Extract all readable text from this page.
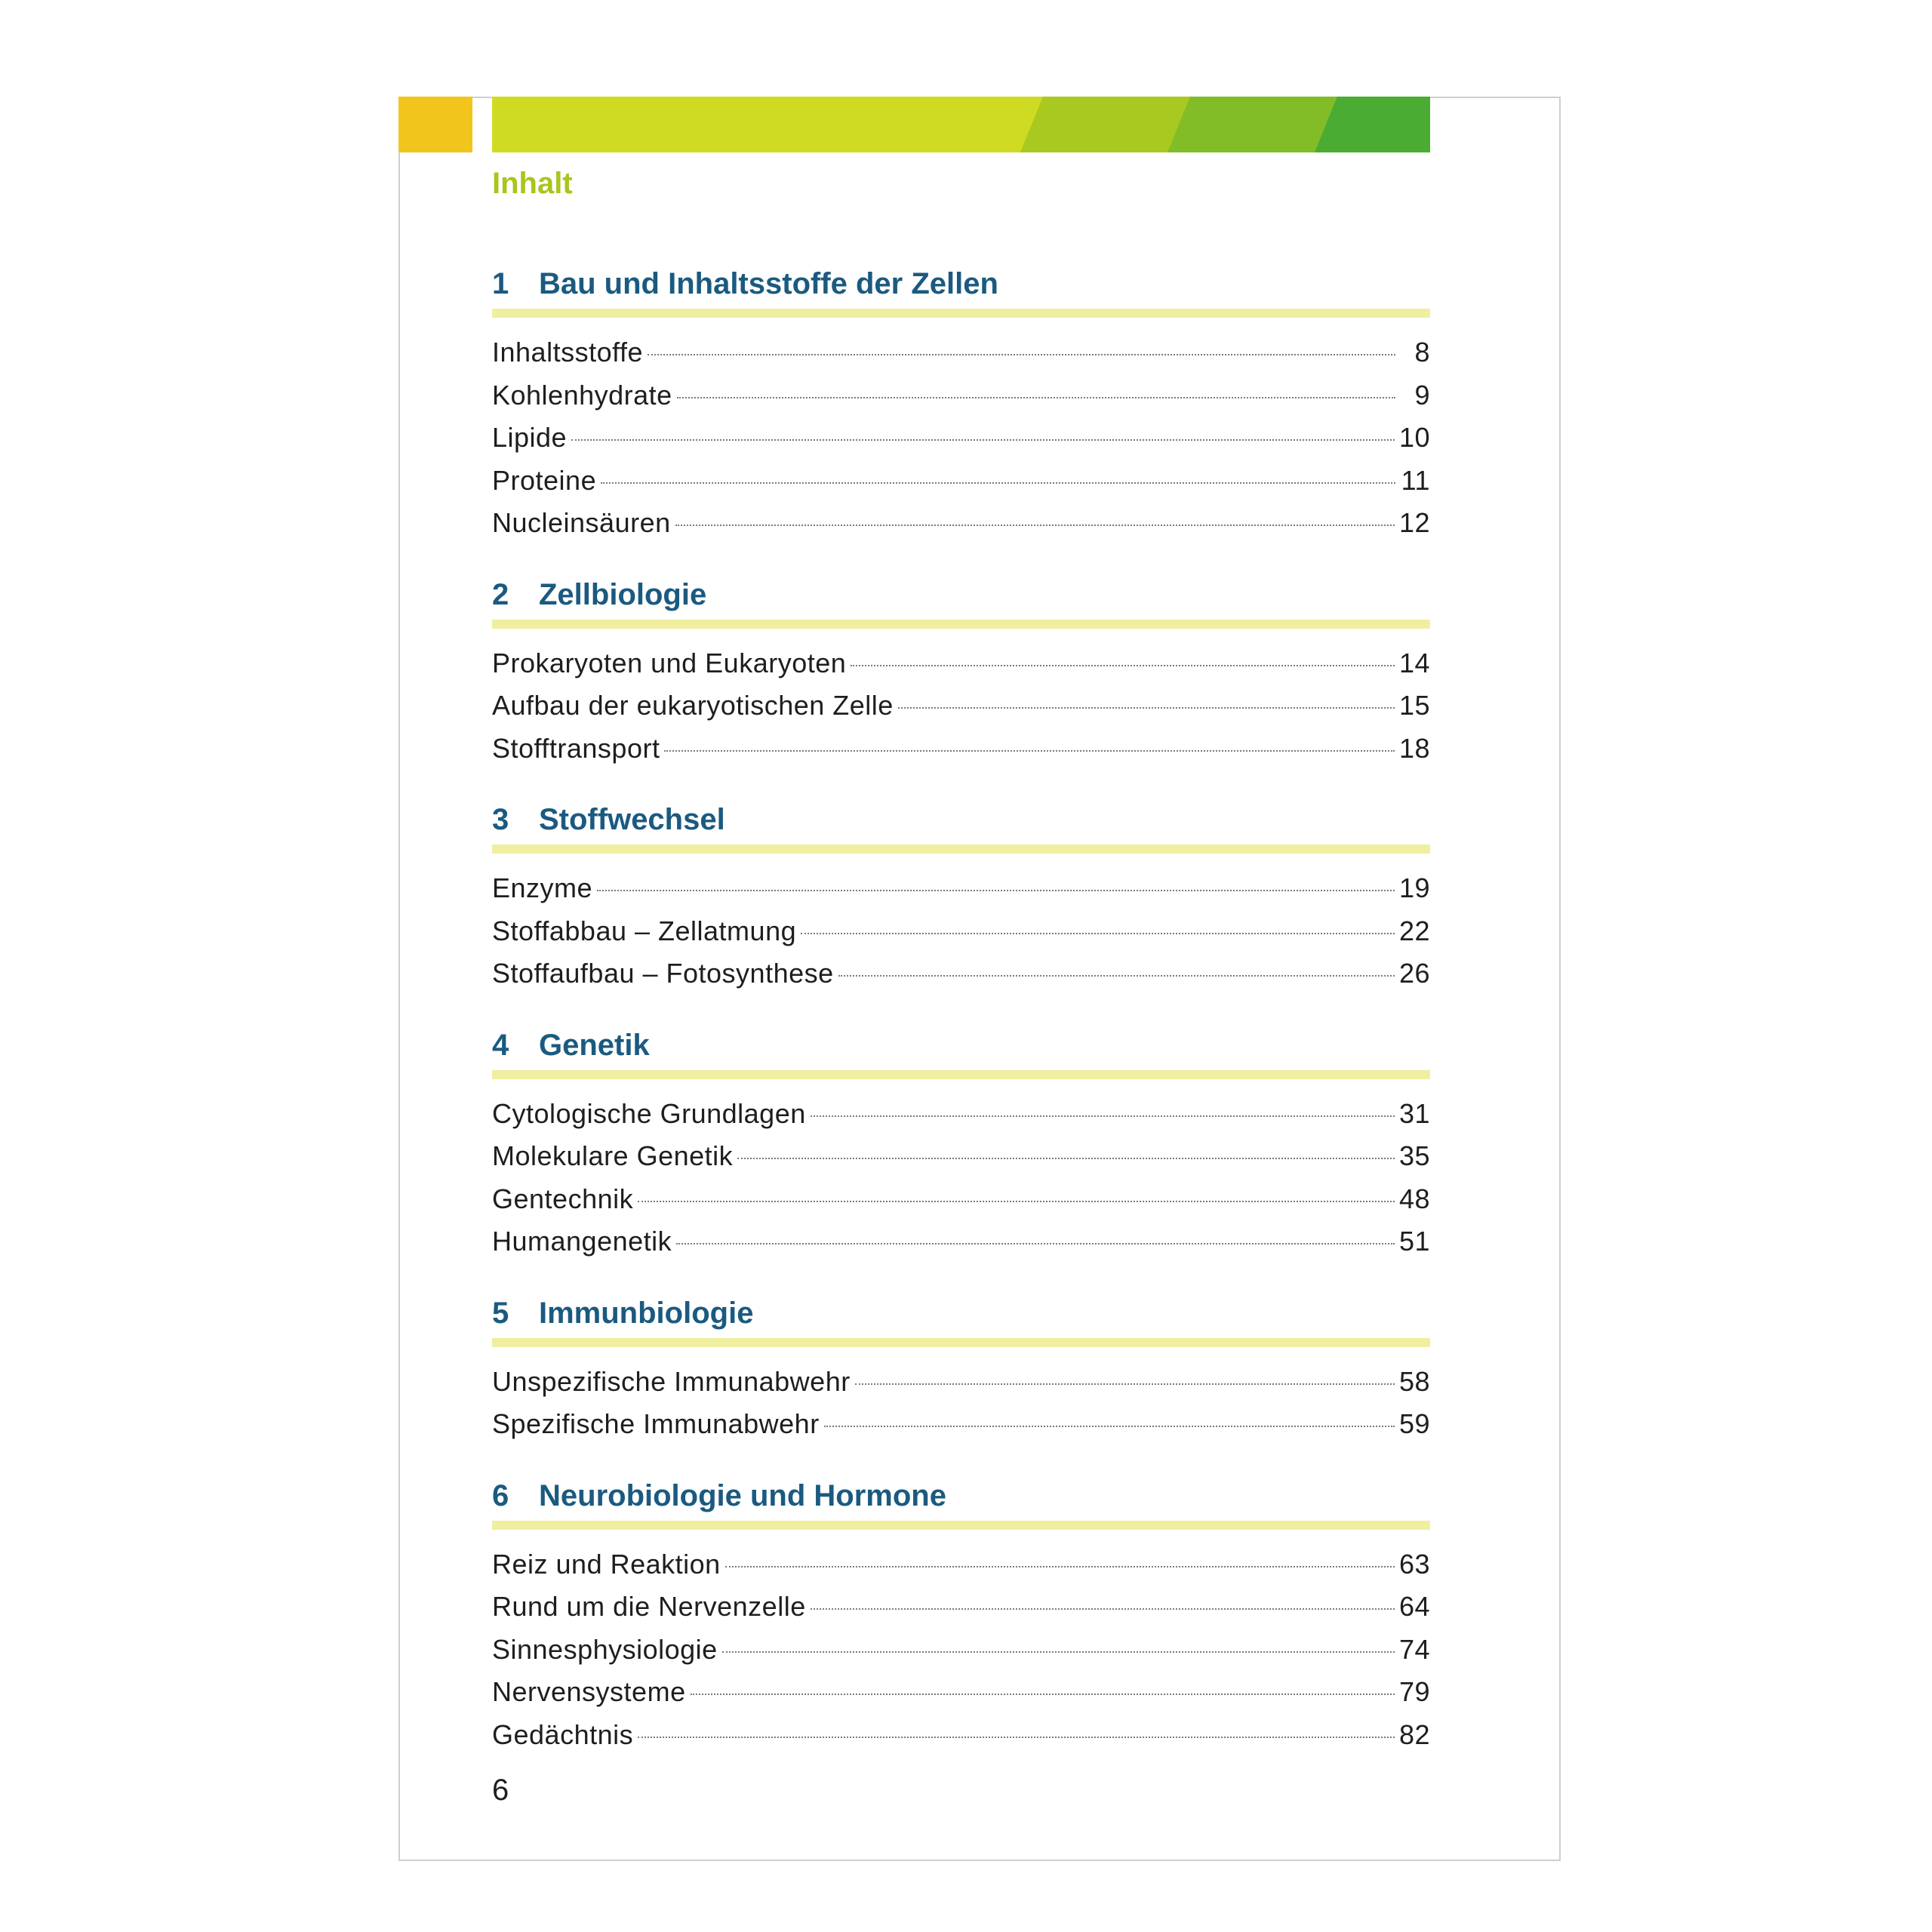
Inhalt
1 Bau und Inhaltsstoffe der Zellen
Inhaltsstoffe	8
Kohlenhydrate	9
Lipide	10
Proteine	11
Nucleinsäuren	12
2 Zellbiologie
Prokaryoten und Eukaryoten	14
Aufbau der eukaryotischen Zelle	15
Stofftransport	18
3 Stoffwechsel
Enzyme	19
Stoffabbau – Zellatmung	22
Stoffaufbau – Fotosynthese	26
4 Genetik
Cytologische Grundlagen	31
Molekulare Genetik	35
Gentechnik	48
Humangenetik	51
5 Immunbiologie
Unspezifische Immunabwehr	58
Spezifische Immunabwehr	59
6 Neurobiologie und Hormone
Reiz und Reaktion	63
Rund um die Nervenzelle	64
Sinnesphysiologie	74
Nervensysteme	79
Gedächtnis	82
6
